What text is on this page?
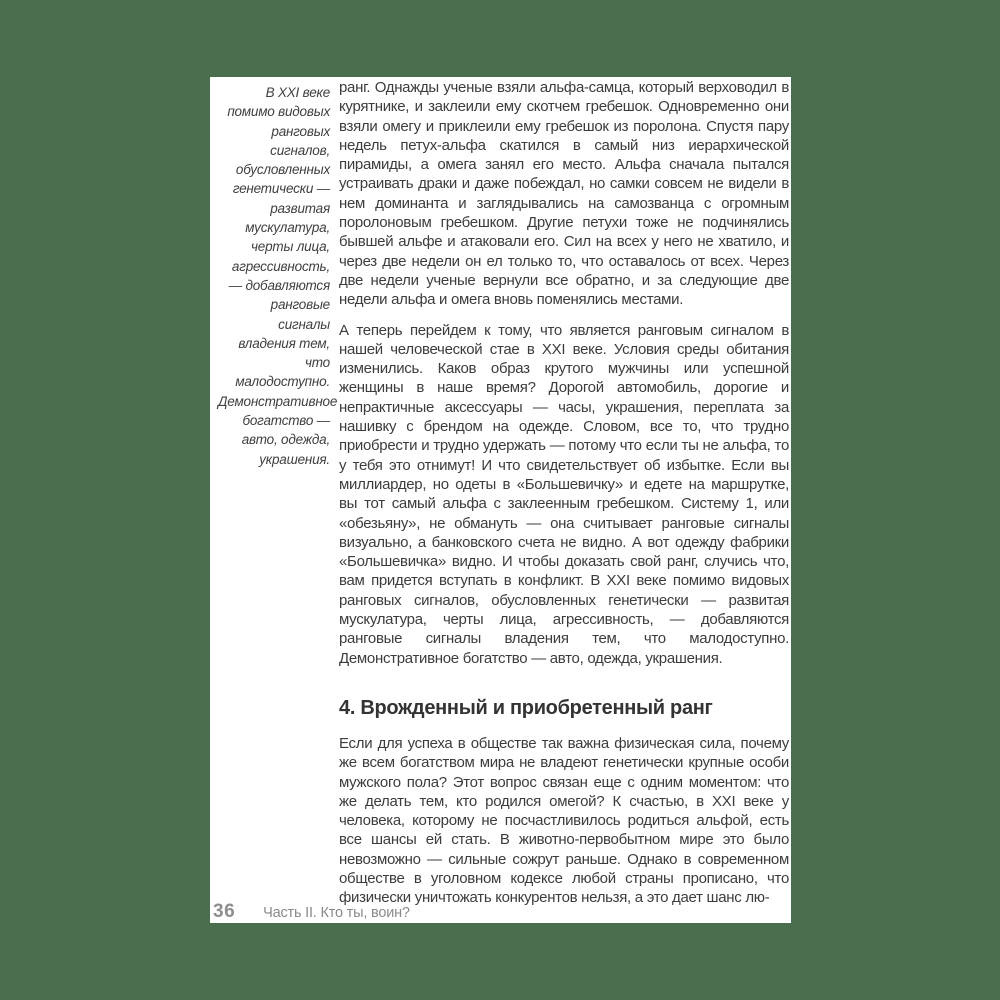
В XXI веке помимо видовых ранговых сигналов, обусловленных генетически — развитая мускулатура, черты лица, агрессивность, — добавляются ранговые сигналы владения тем, что малодоступно. Демонстративное богатство — авто, одежда, украшения.

ранг. Однажды ученые взяли альфа-самца, который верховодил в курятнике, и заклеили ему скотчем гребешок. Одновременно они взяли омегу и приклеили ему гребешок из поролона. Спустя пару недель петух-альфа скатился в самый низ иерархической пирамиды, а омега занял его место. Альфа сначала пытался устраивать драки и даже побеждал, но самки совсем не видели в нем доминанта и заглядывались на самозванца с огромным поролоновым гребешком. Другие петухи тоже не подчинялись бывшей альфе и атаковали его. Сил на всех у него не хватило, и через две недели он ел только то, что оставалось от всех. Через две недели ученые вернули все обратно, и за следующие две недели альфа и омега вновь поменялись местами.

А теперь перейдем к тому, что является ранговым сигналом в нашей человеческой стае в XXI веке. Условия среды обитания изменились. Каков образ крутого мужчины или успешной женщины в наше время? Дорогой автомобиль, дорогие и непрактичные аксессуары — часы, украшения, переплата за нашивку с брендом на одежде. Словом, все то, что трудно приобрести и трудно удержать — потому что если ты не альфа, то у тебя это отнимут! И что свидетельствует об избытке. Если вы миллиардер, но одеты в «Большевичку» и едете на маршрутке, вы тот самый альфа с заклеенным гребешком. Систему 1, или «обезьяну», не обмануть — она считывает ранговые сигналы визуально, а банковского счета не видно. А вот одежду фабрики «Большевичка» видно. И чтобы доказать свой ранг, случись что, вам придется вступать в конфликт. В XXI веке помимо видовых ранговых сигналов, обусловленных генетически — развитая мускулатура, черты лица, агрессивность, — добавляются ранговые сигналы владения тем, что малодоступно. Демонстративное богатство — авто, одежда, украшения.

4. Врожденный и приобретенный ранг

Если для успеха в обществе так важна физическая сила, почему же всем богатством мира не владеют генетически крупные особи мужского пола? Этот вопрос связан еще с одним моментом: что же делать тем, кто родился омегой? К счастью, в XXI веке у человека, которому не посчастливилось родиться альфой, есть все шансы ей стать. В животно-первобытном мире это было невозможно — сильные сожрут раньше. Однако в современном обществе в уголовном кодексе любой страны прописано, что физически уничтожать конкурентов нельзя, а это дает шанс лю-

36 Часть II. Кто ты, воин?
